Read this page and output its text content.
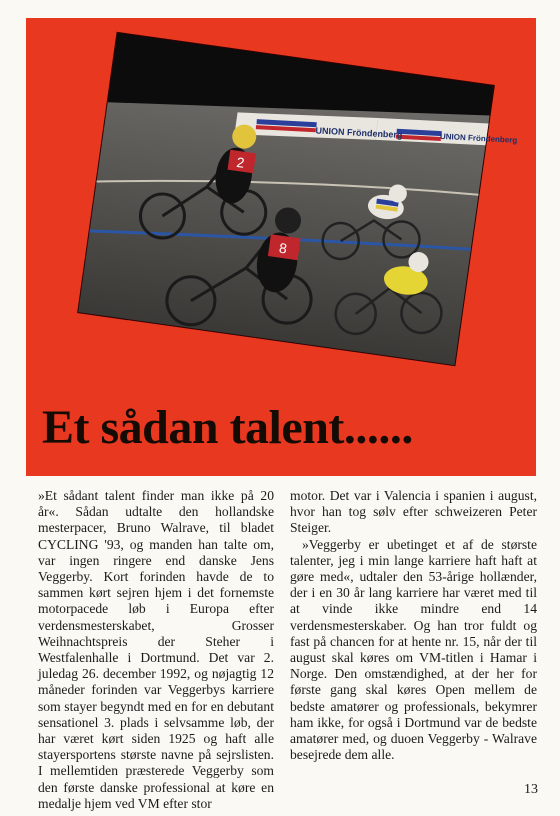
UNION Fröndenberg	UNION Fröndenberg
2
8
Et sådan talent......

»Et sådant talent finder man ikke på 20 år«. Sådan udtalte den hollandske mesterpacer, Bruno Walrave, til bladet CYCLING '93, og manden han talte om, var ingen ringere end danske Jens Veggerby. Kort forinden havde de to sammen kørt sejren hjem i det fornemste motorpacede løb i Europa efter verdensmesterskabet, Grosser Weihnachtspreis der Steher i Westfalenhalle i Dortmund. Det var 2. juledag 26. december 1992, og nøjagtig 12 måneder forinden var Veggerbys karriere som stayer begyndt med en for en debutant sensationel 3. plads i selvsamme løb, der har været kørt siden 1925 og haft alle stayersportens største navne på sejrslisten. I mellemtiden præsterede Veggerby som den første danske professional at køre en medalje hjem ved VM efter stor

motor. Det var i Valencia i spanien i august, hvor han tog sølv efter schweizeren Peter Steiger.

»Veggerby er ubetinget et af de største talenter, jeg i min lange karriere haft haft at gøre med«, udtaler den 53-årige hollænder, der i en 30 år lang karriere har været med til at vinde ikke mindre end 14 verdensmesterskaber. Og han tror fuldt og fast på chancen for at hente nr. 15, når der til august skal køres om VM-titlen i Hamar i Norge. Den omstændighed, at der her for første gang skal køres Open mellem de bedste amatører og professionals, bekymrer ham ikke, for også i Dortmund var de bedste amatører med, og duoen Veggerby - Walrave besejrede dem alle.

13
